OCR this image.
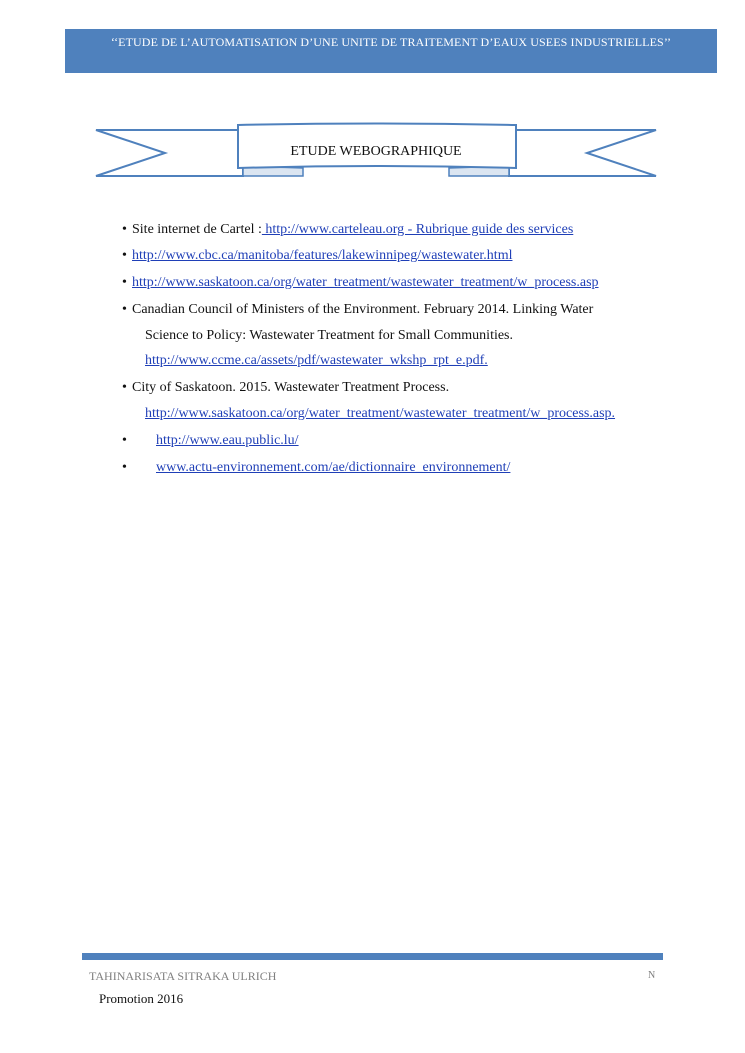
‘‘ETUDE DE L’AUTOMATISATION D’UNE UNITE DE TRAITEMENT D’EAUX USEES INDUSTRIELLES’’
ETUDE WEBOGRAPHIQUE
• Site internet de Cartel : http://www.carteleau.org - Rubrique guide des services
• http://www.cbc.ca/manitoba/features/lakewinnipeg/wastewater.html
• http://www.saskatoon.ca/org/water_treatment/wastewater_treatment/w_process.asp
• Canadian Council of Ministers of the Environment. February 2014. Linking Water
Science to Policy: Wastewater Treatment for Small Communities.
http://www.ccme.ca/assets/pdf/wastewater_wkshp_rpt_e.pdf.
• City of Saskatoon. 2015. Wastewater Treatment Process.
http://www.saskatoon.ca/org/water_treatment/wastewater_treatment/w_process.asp.
• http://www.eau.public.lu/
• www.actu-environnement.com/ae/dictionnaire_environnement/
TAHINARISATA SITRAKA ULRICH	N
Promotion 2016
